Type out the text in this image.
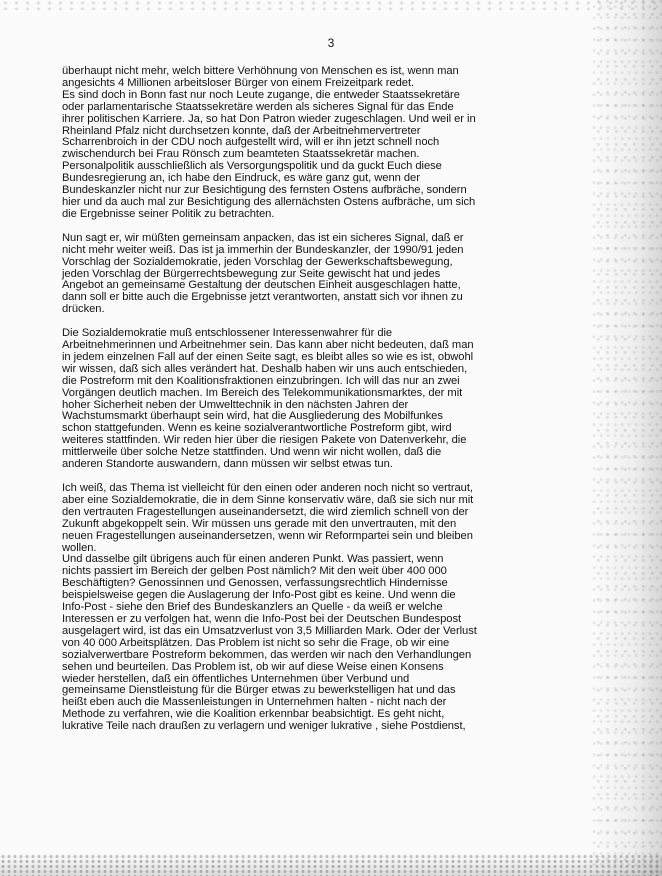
3
überhaupt nicht mehr, welch bittere Verhöhnung von Menschen es ist, wenn man
angesichts 4 Millionen arbeitsloser Bürger von einem Freizeitpark redet.
Es sind doch in Bonn fast nur noch Leute zugange, die entweder Staatssekretäre
oder parlamentarische Staatssekretäre werden als sicheres Signal für das Ende
ihrer politischen Karriere. Ja, so hat Don Patron wieder zugeschlagen. Und weil er in
Rheinland Pfalz nicht durchsetzen konnte, daß der Arbeitnehmervertreter
Scharrenbroich in der CDU noch aufgestellt wird, will er ihn jetzt schnell noch
zwischendurch bei Frau Rönsch zum beamteten Staatssekretär machen.
Personalpolitik ausschließlich als Versorgungspolitik und da guckt Euch diese
Bundesregierung an, ich habe den Eindruck, es wäre ganz gut, wenn der
Bundeskanzler nicht nur zur Besichtigung des fernsten Ostens aufbräche, sondern
hier und da auch mal zur Besichtigung des allernächsten Ostens aufbräche, um sich
die Ergebnisse seiner Politik zu betrachten.
Nun sagt er, wir müßten gemeinsam anpacken, das ist ein sicheres Signal, daß er
nicht mehr weiter weiß. Das ist ja immerhin der Bundeskanzler, der 1990/91 jeden
Vorschlag der Sozialdemokratie, jeden Vorschlag der Gewerkschaftsbewegung,
jeden Vorschlag der Bürgerrechtsbewegung zur Seite gewischt hat und jedes
Angebot an gemeinsame Gestaltung der deutschen Einheit ausgeschlagen hatte,
dann soll er bitte auch die Ergebnisse jetzt verantworten, anstatt sich vor ihnen zu
drücken.
Die Sozialdemokratie muß entschlossener Interessenwahrer für die
Arbeitnehmerinnen und Arbeitnehmer sein. Das kann aber nicht bedeuten, daß man
in jedem einzelnen Fall auf der einen Seite sagt, es bleibt alles so wie es ist, obwohl
wir wissen, daß sich alles verändert hat. Deshalb haben wir uns auch entschieden,
die Postreform mit den Koalitionsfraktionen einzubringen. Ich will das nur an zwei
Vorgängen deutlich machen. Im Bereich des Telekommunikationsmarktes, der mit
hoher Sicherheit neben der Umwelttechnik in den nächsten Jahren der
Wachstumsmarkt überhaupt sein wird, hat die Ausgliederung des Mobilfunkes
schon stattgefunden. Wenn es keine sozialverantwortliche Postreform gibt, wird
weiteres stattfinden. Wir reden hier über die riesigen Pakete von Datenverkehr, die
mittlerweile über solche Netze stattfinden. Und wenn wir nicht wollen, daß die
anderen Standorte auswandern, dann müssen wir selbst etwas tun.
Ich weiß, das Thema ist vielleicht für den einen oder anderen noch nicht so vertraut,
aber eine Sozialdemokratie, die in dem Sinne konservativ wäre, daß sie sich nur mit
den vertrauten Fragestellungen auseinandersetzt, die wird ziemlich schnell von der
Zukunft abgekoppelt sein. Wir müssen uns gerade mit den unvertrauten, mit den
neuen Fragestellungen auseinandersetzen, wenn wir Reformpartei sein und bleiben
wollen.
Und dasselbe gilt übrigens auch für einen anderen Punkt. Was passiert, wenn
nichts passiert im Bereich der gelben Post nämlich? Mit den weit über 400 000
Beschäftigten? Genossinnen und Genossen, verfassungsrechtlich Hindernisse
beispielsweise gegen die Auslagerung der Info-Post gibt es keine. Und wenn die
Info-Post - siehe den Brief des Bundeskanzlers an Quelle - da weiß er welche
Interessen er zu verfolgen hat, wenn die Info-Post bei der Deutschen Bundespost
ausgelagert wird, ist das ein Umsatzverlust von 3,5 Milliarden Mark. Oder der Verlust
von 40 000 Arbeitsplätzen. Das Problem ist nicht so sehr die Frage, ob wir eine
sozialverwertbare Postreform bekommen, das werden wir nach den Verhandlungen
sehen und beurteilen. Das Problem ist, ob wir auf diese Weise einen Konsens
wieder herstellen, daß ein öffentliches Unternehmen über Verbund und
gemeinsame Dienstleistung für die Bürger etwas zu bewerkstelligen hat und das
heißt eben auch die Massenleistungen in Unternehmen halten - nicht nach der
Methode zu verfahren, wie die Koalition erkennbar beabsichtigt. Es geht nicht,
lukrative Teile nach draußen zu verlagern und weniger lukrative , siehe Postdienst,
